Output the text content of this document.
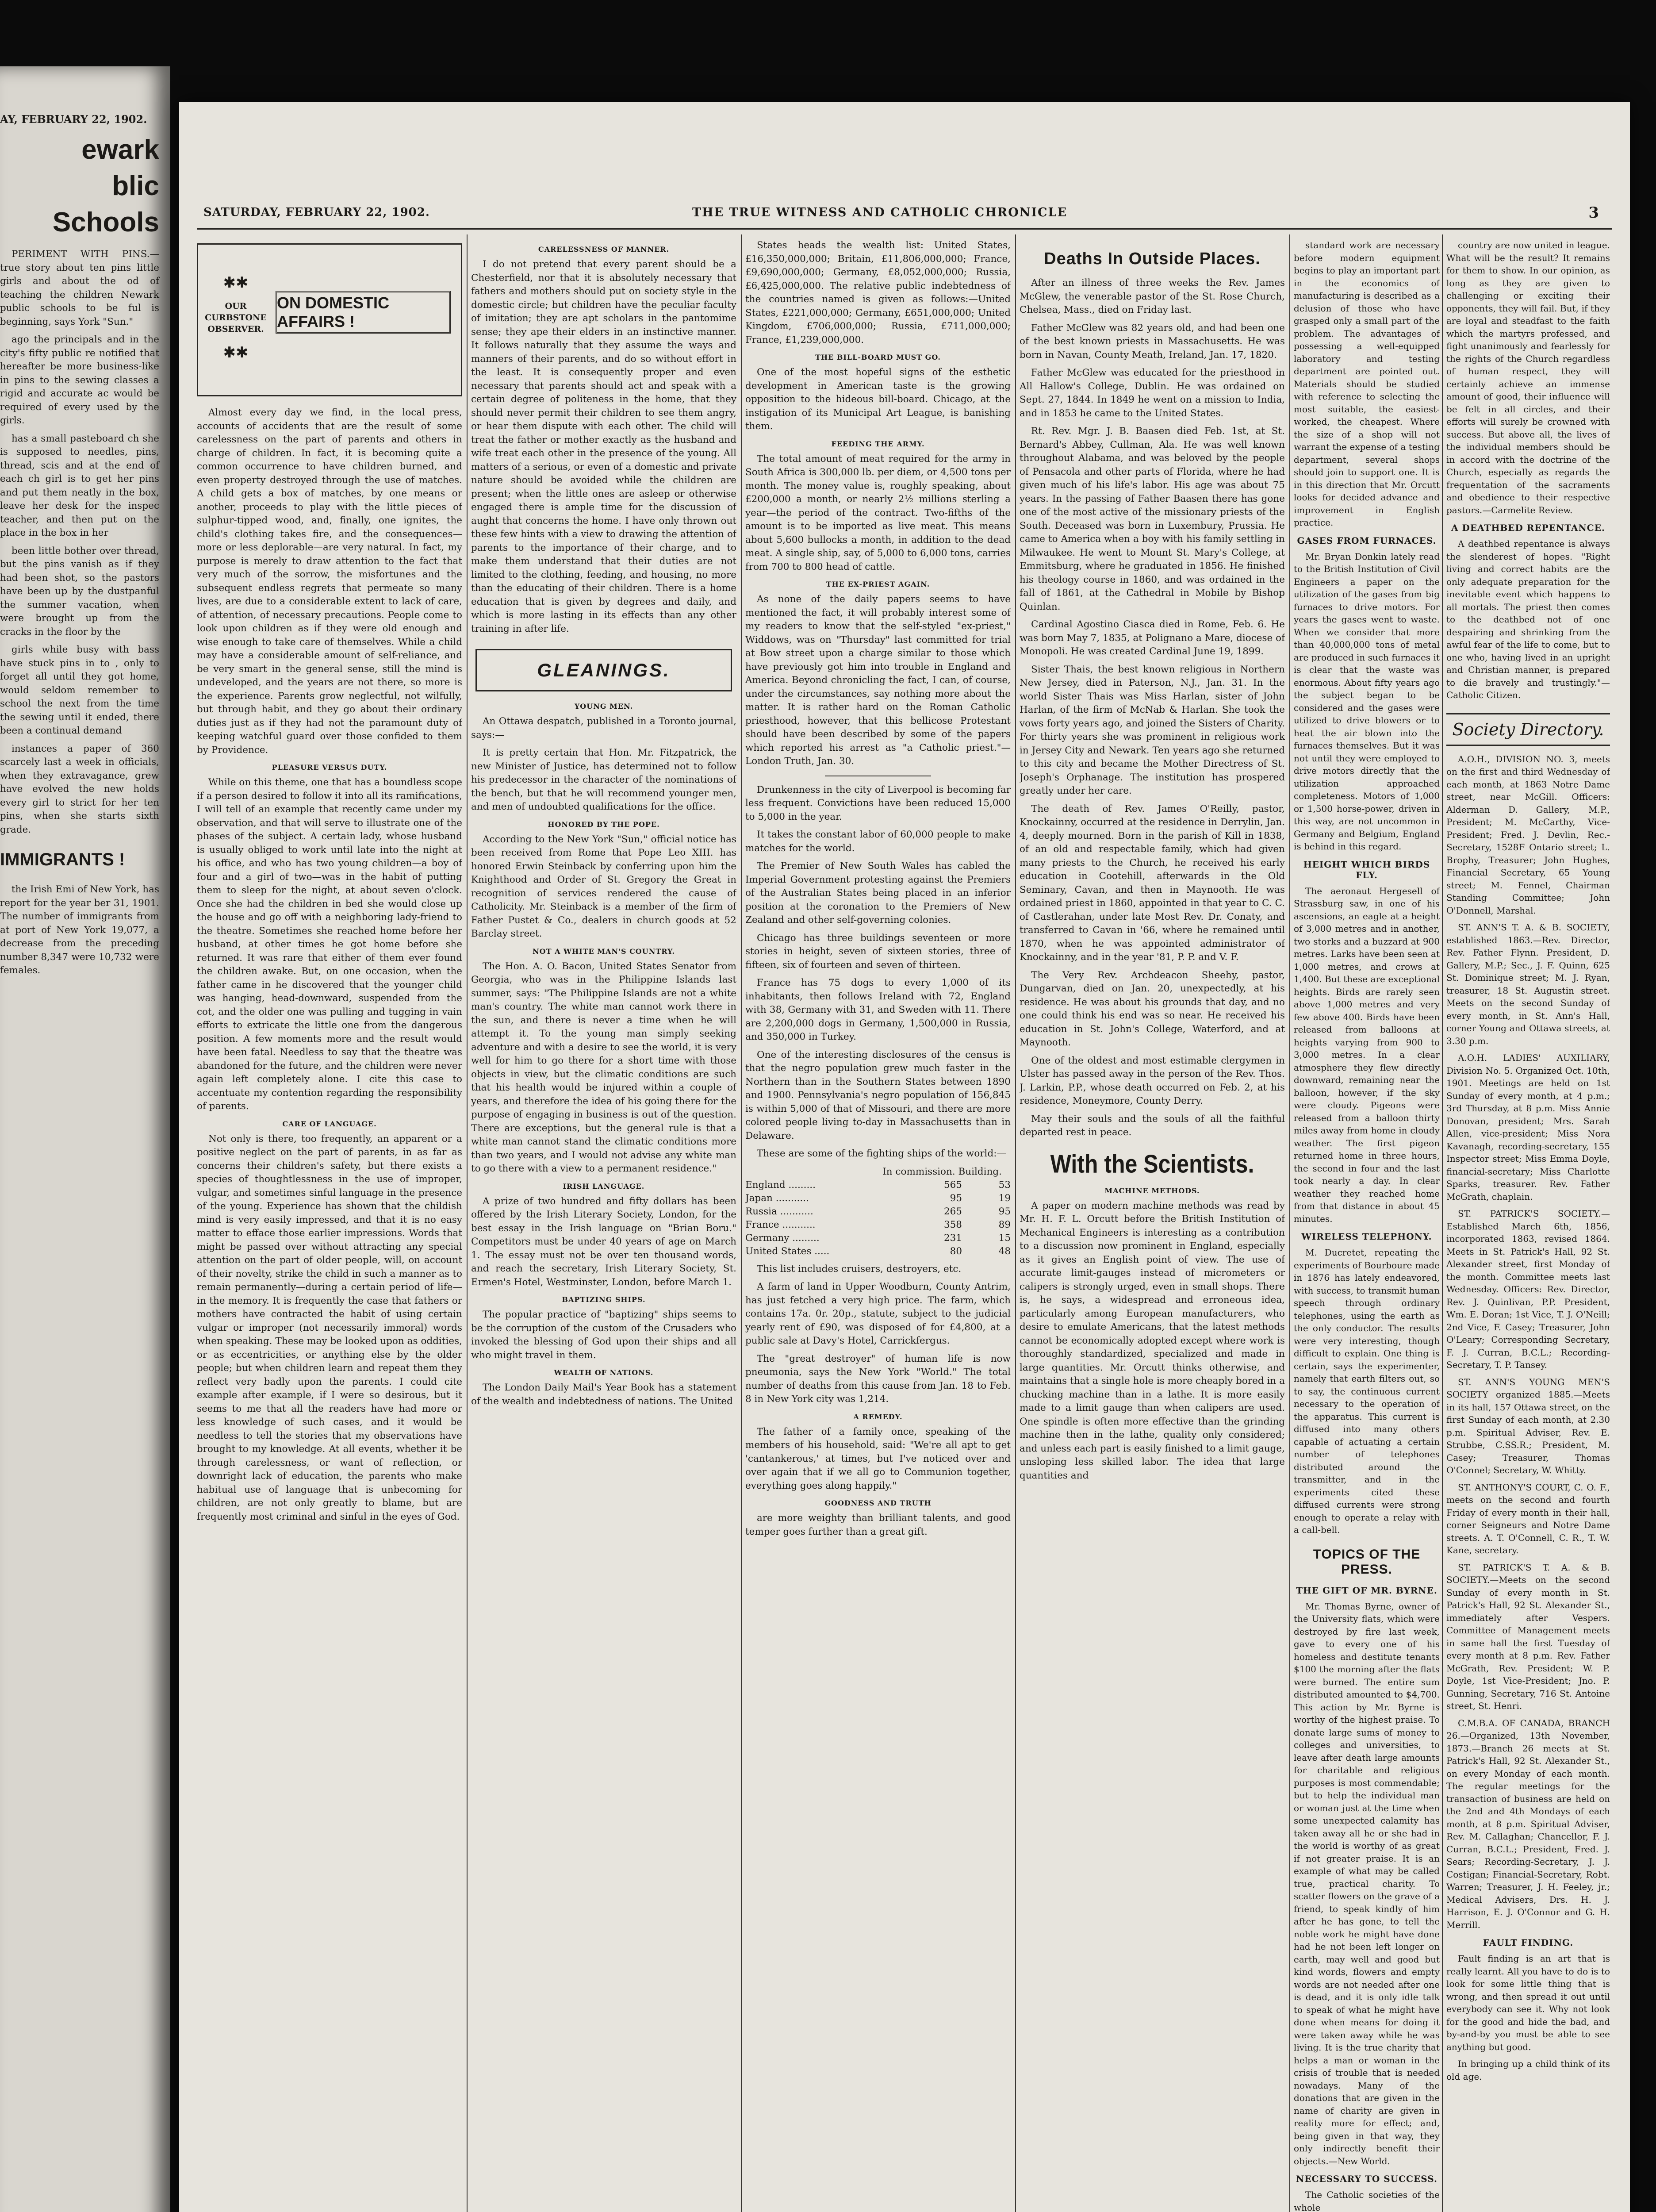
AY, FEBRUARY 22, 1902.
ewark
blic Schools

PERIMENT WITH PINS.— true story about ten pins little girls and about the od of teaching the children Newark public schools to be ful is beginning, says York "Sun."

ago the principals and in the city's fifty public re notified that hereafter be more business-like in pins to the sewing classes a rigid and accurate ac would be required of every used by the girls.

has a small pasteboard ch she is supposed to needles, pins, thread, scis and at the end of each ch girl is to get her pins and put them neatly in the box, leave her desk for the inspec teacher, and then put on the place in the box in her

been little bother over thread, but the pins vanish as if they had been shot, so the pastors have been up by the dustpanful the summer vacation, when were brought up from the cracks in the floor by the

girls while busy with bass have stuck pins in to , only to forget all until they got home, would seldom remember to school the next from the time the sewing until it ended, there been a continual demand

instances a paper of 360 scarcely last a week in officials, when they extravagance, grew have evolved the new holds every girl to strict for her ten pins, when she starts sixth grade.

IMMIGRANTS !

the Irish Emi of New York, has report for the year ber 31, 1901. The number of immigrants from at port of New York 19,077, a decrease from the preceding number 8,347 were 10,732 were females.

SATURDAY, FEBRUARY 22, 1902.	THE TRUE WITNESS AND CATHOLIC CHRONICLE	3
✱✱
OUR CURBSTONE OBSERVER.
✱✱
ON DOMESTIC AFFAIRS !

Almost every day we find, in the local press, accounts of accidents that are the result of some carelessness on the part of parents and others in charge of children. In fact, it is becoming quite a common occurrence to have children burned, and even property destroyed through the use of matches. A child gets a box of matches, by one means or another, proceeds to play with the little pieces of sulphur-tipped wood, and, finally, one ignites, the child's clothing takes fire, and the consequences—more or less deplorable—are very natural. In fact, my purpose is merely to draw attention to the fact that very much of the sorrow, the misfortunes and the subsequent endless regrets that permeate so many lives, are due to a considerable extent to lack of care, of attention, of necessary precautions. People come to look upon children as if they were old enough and wise enough to take care of themselves. While a child may have a considerable amount of self-reliance, and be very smart in the general sense, still the mind is undeveloped, and the years are not there, so more is the experience. Parents grow neglectful, not wilfully, but through habit, and they go about their ordinary duties just as if they had not the paramount duty of keeping watchful guard over those confided to them by Providence.

PLEASURE VERSUS DUTY.

While on this theme, one that has a boundless scope if a person desired to follow it into all its ramifications, I will tell of an example that recently came under my observation, and that will serve to illustrate one of the phases of the subject. A certain lady, whose husband is usually obliged to work until late into the night at his office, and who has two young children—a boy of four and a girl of two—was in the habit of putting them to sleep for the night, at about seven o'clock. Once she had the children in bed she would close up the house and go off with a neighboring lady-friend to the theatre. Sometimes she reached home before her husband, at other times he got home before she returned. It was rare that either of them ever found the children awake. But, on one occasion, when the father came in he discovered that the younger child was hanging, head-downward, suspended from the cot, and the older one was pulling and tugging in vain efforts to extricate the little one from the dangerous position. A few moments more and the result would have been fatal. Needless to say that the theatre was abandoned for the future, and the children were never again left completely alone. I cite this case to accentuate my contention regarding the responsibility of parents.

CARE OF LANGUAGE.

Not only is there, too frequently, an apparent or a positive neglect on the part of parents, in as far as concerns their children's safety, but there exists a species of thoughtlessness in the use of improper, vulgar, and sometimes sinful language in the presence of the young. Experience has shown that the childish mind is very easily impressed, and that it is no easy matter to efface those earlier impressions. Words that might be passed over without attracting any special attention on the part of older people, will, on account of their novelty, strike the child in such a manner as to remain permanently—during a certain period of life—in the memory. It is frequently the case that fathers or mothers have contracted the habit of using certain vulgar or improper (not necessarily immoral) words when speaking. These may be looked upon as oddities, or as eccentricities, or anything else by the older people; but when children learn and repeat them they reflect very badly upon the parents. I could cite example after example, if I were so desirous, but it seems to me that all the readers have had more or less knowledge of such cases, and it would be needless to tell the stories that my observations have brought to my knowledge. At all events, whether it be through carelessness, or want of reflection, or downright lack of education, the parents who make habitual use of language that is unbecoming for children, are not only greatly to blame, but are frequently most criminal and sinful in the eyes of God.

CARELESSNESS OF MANNER.

I do not pretend that every parent should be a Chesterfield, nor that it is absolutely necessary that fathers and mothers should put on society style in the domestic circle; but children have the peculiar faculty of imitation; they are apt scholars in the pantomime sense; they ape their elders in an instinctive manner. It follows naturally that they assume the ways and manners of their parents, and do so without effort in the least. It is consequently proper and even necessary that parents should act and speak with a certain degree of politeness in the home, that they should never permit their children to see them angry, or hear them dispute with each other. The child will treat the father or mother exactly as the husband and wife treat each other in the presence of the young. All matters of a serious, or even of a domestic and private nature should be avoided while the children are present; when the little ones are asleep or otherwise engaged there is ample time for the discussion of aught that concerns the home. I have only thrown out these few hints with a view to drawing the attention of parents to the importance of their charge, and to make them understand that their duties are not limited to the clothing, feeding, and housing, no more than the educating of their children. There is a home education that is given by degrees and daily, and which is more lasting in its effects than any other training in after life.

GLEANINGS.
YOUNG MEN.

An Ottawa despatch, published in a Toronto journal, says:—

It is pretty certain that Hon. Mr. Fitzpatrick, the new Minister of Justice, has determined not to follow his predecessor in the character of the nominations of the bench, but that he will recommend younger men, and men of undoubted qualifications for the office.

HONORED BY THE POPE.

According to the New York "Sun," official notice has been received from Rome that Pope Leo XIII. has honored Erwin Steinback by conferring upon him the Knighthood and Order of St. Gregory the Great in recognition of services rendered the cause of Catholicity. Mr. Steinback is a member of the firm of Father Pustet & Co., dealers in church goods at 52 Barclay street.

NOT A WHITE MAN'S COUNTRY.

The Hon. A. O. Bacon, United States Senator from Georgia, who was in the Philippine Islands last summer, says: "The Philippine Islands are not a white man's country. The white man cannot work there in the sun, and there is never a time when he will attempt it. To the young man simply seeking adventure and with a desire to see the world, it is very well for him to go there for a short time with those objects in view, but the climatic conditions are such that his health would be injured within a couple of years, and therefore the idea of his going there for the purpose of engaging in business is out of the question. There are exceptions, but the general rule is that a white man cannot stand the climatic conditions more than two years, and I would not advise any white man to go there with a view to a permanent residence."

IRISH LANGUAGE.

A prize of two hundred and fifty dollars has been offered by the Irish Literary Society, London, for the best essay in the Irish language on "Brian Boru." Competitors must be under 40 years of age on March 1. The essay must not be over ten thousand words, and reach the secretary, Irish Literary Society, St. Ermen's Hotel, Westminster, London, before March 1.

BAPTIZING SHIPS.

The popular practice of "baptizing" ships seems to be the corruption of the custom of the Crusaders who invoked the blessing of God upon their ships and all who might travel in them.

WEALTH OF NATIONS.

The London Daily Mail's Year Book has a statement of the wealth and indebtedness of nations. The United

States heads the wealth list: United States, £16,350,000,000; Britain, £11,806,000,000; France, £9,690,000,000; Germany, £8,052,000,000; Russia, £6,425,000,000. The relative public indebtedness of the countries named is given as follows:—United States, £221,000,000; Germany, £651,000,000; United Kingdom, £706,000,000; Russia, £711,000,000; France, £1,239,000,000.

THE BILL-BOARD MUST GO.

One of the most hopeful signs of the esthetic development in American taste is the growing opposition to the hideous bill-board. Chicago, at the instigation of its Municipal Art League, is banishing them.

FEEDING THE ARMY.

The total amount of meat required for the army in South Africa is 300,000 lb. per diem, or 4,500 tons per month. The money value is, roughly speaking, about £200,000 a month, or nearly 2½ millions sterling a year—the period of the contract. Two-fifths of the amount is to be imported as live meat. This means about 5,600 bullocks a month, in addition to the dead meat. A single ship, say, of 5,000 to 6,000 tons, carries from 700 to 800 head of cattle.

THE EX-PRIEST AGAIN.

As none of the daily papers seems to have mentioned the fact, it will probably interest some of my readers to know that the self-styled "ex-priest," Widdows, was on "Thursday" last committed for trial at Bow street upon a charge similar to those which have previously got him into trouble in England and America. Beyond chronicling the fact, I can, of course, under the circumstances, say nothing more about the matter. It is rather hard on the Roman Catholic priesthood, however, that this bellicose Protestant should have been described by some of the papers which reported his arrest as "a Catholic priest."—London Truth, Jan. 30.

Drunkenness in the city of Liverpool is becoming far less frequent. Convictions have been reduced 15,000 to 5,000 in the year.

It takes the constant labor of 60,000 people to make matches for the world.

The Premier of New South Wales has cabled the Imperial Government protesting against the Premiers of the Australian States being placed in an inferior position at the coronation to the Premiers of New Zealand and other self-governing colonies.

Chicago has three buildings seventeen or more stories in height, seven of sixteen stories, three of fifteen, six of fourteen and seven of thirteen.

France has 75 dogs to every 1,000 of its inhabitants, then follows Ireland with 72, England with 38, Germany with 31, and Sweden with 11. There are 2,200,000 dogs in Germany, 1,500,000 in Russia, and 350,000 in Turkey.

One of the interesting disclosures of the census is that the negro population grew much faster in the Northern than in the Southern States between 1890 and 1900. Pennsylvania's negro population of 156,845 is within 5,000 of that of Missouri, and there are more colored people living to-day in Massachusetts than in Delaware.

These are some of the fighting ships of the world:—

In commission. Building.
England .........	565	53
Japan ...........	95	19
Russia ...........	265	95
France ...........	358	89
Germany .........	231	15
United States .....	80	48

This list includes cruisers, destroyers, etc.

A farm of land in Upper Woodburn, County Antrim, has just fetched a very high price. The farm, which contains 17a. 0r. 20p., statute, subject to the judicial yearly rent of £90, was disposed of for £4,800, at a public sale at Davy's Hotel, Carrickfergus.

The "great destroyer" of human life is now pneumonia, says the New York "World." The total number of deaths from this cause from Jan. 18 to Feb. 8 in New York city was 1,214.

A REMEDY.

The father of a family once, speaking of the members of his household, said: "We're all apt to get 'cantankerous,' at times, but I've noticed over and over again that if we all go to Communion together, everything goes along happily."

GOODNESS AND TRUTH

are more weighty than brilliant talents, and good temper goes further than a great gift.

Deaths In Outside Places.

After an illness of three weeks the Rev. James McGlew, the venerable pastor of the St. Rose Church, Chelsea, Mass., died on Friday last.

Father McGlew was 82 years old, and had been one of the best known priests in Massachusetts. He was born in Navan, County Meath, Ireland, Jan. 17, 1820.

Father McGlew was educated for the priesthood in All Hallow's College, Dublin. He was ordained on Sept. 27, 1844. In 1849 he went on a mission to India, and in 1853 he came to the United States.

Rt. Rev. Mgr. J. B. Baasen died Feb. 1st, at St. Bernard's Abbey, Cullman, Ala. He was well known throughout Alabama, and was beloved by the people of Pensacola and other parts of Florida, where he had given much of his life's labor. His age was about 75 years. In the passing of Father Baasen there has gone one of the most active of the missionary priests of the South. Deceased was born in Luxembury, Prussia. He came to America when a boy with his family settling in Milwaukee. He went to Mount St. Mary's College, at Emmitsburg, where he graduated in 1856. He finished his theology course in 1860, and was ordained in the fall of 1861, at the Cathedral in Mobile by Bishop Quinlan.

Cardinal Agostino Ciasca died in Rome, Feb. 6. He was born May 7, 1835, at Polignano a Mare, diocese of Monopoli. He was created Cardinal June 19, 1899.

Sister Thais, the best known religious in Northern New Jersey, died in Paterson, N.J., Jan. 31. In the world Sister Thais was Miss Harlan, sister of John Harlan, of the firm of McNab & Harlan. She took the vows forty years ago, and joined the Sisters of Charity. For thirty years she was prominent in religious work in Jersey City and Newark. Ten years ago she returned to this city and became the Mother Directress of St. Joseph's Orphanage. The institution has prospered greatly under her care.

The death of Rev. James O'Reilly, pastor, Knockainny, occurred at the residence in Derrylin, Jan. 4, deeply mourned. Born in the parish of Kill in 1838, of an old and respectable family, which had given many priests to the Church, he received his early education in Cootehill, afterwards in the Old Seminary, Cavan, and then in Maynooth. He was ordained priest in 1860, appointed in that year to C. C. of Castlerahan, under late Most Rev. Dr. Conaty, and transferred to Cavan in '66, where he remained until 1870, when he was appointed administrator of Knockainny, and in the year '81, P. P. and V. F.

The Very Rev. Archdeacon Sheehy, pastor, Dungarvan, died on Jan. 20, unexpectedly, at his residence. He was about his grounds that day, and no one could think his end was so near. He received his education in St. John's College, Waterford, and at Maynooth.

One of the oldest and most estimable clergymen in Ulster has passed away in the person of the Rev. Thos. J. Larkin, P.P., whose death occurred on Feb. 2, at his residence, Moneymore, County Derry.

May their souls and the souls of all the faithful departed rest in peace.

With the Scientists.
MACHINE METHODS.

A paper on modern machine methods was read by Mr. H. F. L. Orcutt before the British Institution of Mechanical Engineers is interesting as a contribution to a discussion now prominent in England, especially as it gives an English point of view. The use of accurate limit-gauges instead of micrometers or calipers is strongly urged, even in small shops. There is, he says, a widespread and erroneous idea, particularly among European manufacturers, who desire to emulate Americans, that the latest methods cannot be economically adopted except where work is thoroughly standardized, specialized and made in large quantities. Mr. Orcutt thinks otherwise, and maintains that a single hole is more cheaply bored in a chucking machine than in a lathe. It is more easily made to a limit gauge than when calipers are used. One spindle is often more effective than the grinding machine then in the lathe, quality only considered; and unless each part is easily finished to a limit gauge, unsloping less skilled labor. The idea that large quantities and

standard work are necessary before modern equipment begins to play an important part in the economics of manufacturing is described as a delusion of those who have grasped only a small part of the problem. The advantages of possessing a well-equipped laboratory and testing department are pointed out. Materials should be studied with reference to selecting the most suitable, the easiest-worked, the cheapest. Where the size of a shop will not warrant the expense of a testing department, several shops should join to support one. It is in this direction that Mr. Orcutt looks for decided advance and improvement in English practice.

GASES FROM FURNACES.

Mr. Bryan Donkin lately read to the British Institution of Civil Engineers a paper on the utilization of the gases from big furnaces to drive motors. For years the gases went to waste. When we consider that more than 40,000,000 tons of metal are produced in such furnaces it is clear that the waste was enormous. About fifty years ago the subject began to be considered and the gases were utilized to drive blowers or to heat the air blown into the furnaces themselves. But it was not until they were employed to drive motors directly that the utilization approached completeness. Motors of 1,000 or 1,500 horse-power, driven in this way, are not uncommon in Germany and Belgium, England is behind in this regard.

HEIGHT WHICH BIRDS FLY.

The aeronaut Hergesell of Strassburg saw, in one of his ascensions, an eagle at a height of 3,000 metres and in another, two storks and a buzzard at 900 metres. Larks have been seen at 1,000 metres, and crows at 1,400. But these are exceptional heights. Birds are rarely seen above 1,000 metres and very few above 400. Birds have been released from balloons at heights varying from 900 to 3,000 metres. In a clear atmosphere they flew directly downward, remaining near the balloon, however, if the sky were cloudy. Pigeons were released from a balloon thirty miles away from home in cloudy weather. The first pigeon returned home in three hours, the second in four and the last took nearly a day. In clear weather they reached home from that distance in about 45 minutes.

WIRELESS TELEPHONY.

M. Ducretet, repeating the experiments of Bourboure made in 1876 has lately endeavored, with success, to transmit human speech through ordinary telephones, using the earth as the only conductor. The results were very interesting, though difficult to explain. One thing is certain, says the experimenter, namely that earth filters out, so to say, the continuous current necessary to the operation of the apparatus. This current is diffused into many others capable of actuating a certain number of telephones distributed around the transmitter, and in the experiments cited these diffused currents were strong enough to operate a relay with a call-bell.

TOPICS OF THE PRESS.
THE GIFT OF MR. BYRNE.

Mr. Thomas Byrne, owner of the University flats, which were destroyed by fire last week, gave to every one of his homeless and destitute tenants $100 the morning after the flats were burned. The entire sum distributed amounted to $4,700. This action by Mr. Byrne is worthy of the highest praise. To donate large sums of money to colleges and universities, to leave after death large amounts for charitable and religious purposes is most commendable; but to help the individual man or woman just at the time when some unexpected calamity has taken away all he or she had in the world is worthy of as great if not greater praise. It is an example of what may be called true, practical charity. To scatter flowers on the grave of a friend, to speak kindly of him after he has gone, to tell the noble work he might have done had he not been left longer on earth, may well and good but kind words, flowers and empty words are not needed after one is dead, and it is only idle talk to speak of what he might have done when means for doing it were taken away while he was living. It is the true charity that helps a man or woman in the crisis of trouble that is needed nowadays. Many of the donations that are given in the name of charity are given in reality more for effect; and, being given in that way, they only indirectly benefit their objects.—New World.

NECESSARY TO SUCCESS.

The Catholic societies of the whole

country are now united in league. What will be the result? It remains for them to show. In our opinion, as long as they are given to challenging or exciting their opponents, they will fail. But, if they are loyal and steadfast to the faith which the martyrs professed, and fight unanimously and fearlessly for the rights of the Church regardless of human respect, they will certainly achieve an immense amount of good, their influence will be felt in all circles, and their efforts will surely be crowned with success. But above all, the lives of the individual members should be in accord with the doctrine of the Church, especially as regards the frequentation of the sacraments and obedience to their respective pastors.—Carmelite Review.

A DEATHBED REPENTANCE.

A deathbed repentance is always the slenderest of hopes. "Right living and correct habits are the only adequate preparation for the inevitable event which happens to all mortals. The priest then comes to the deathbed not of one despairing and shrinking from the awful fear of the life to come, but to one who, having lived in an upright and Christian manner, is prepared to die bravely and trustingly."—Catholic Citizen.

Society Directory.

A.O.H., DIVISION NO. 3, meets on the first and third Wednesday of each month, at 1863 Notre Dame street, near McGill. Officers: Alderman D. Gallery, M.P., President; M. McCarthy, Vice-President; Fred. J. Devlin, Rec.-Secretary, 1528F Ontario street; L. Brophy, Treasurer; John Hughes, Financial Secretary, 65 Young street; M. Fennel, Chairman Standing Committee; John O'Donnell, Marshal.

ST. ANN'S T. A. & B. SOCIETY, established 1863.—Rev. Director, Rev. Father Flynn. President, D. Gallery, M.P.; Sec., J. F. Quinn, 625 St. Dominique street; M. J. Ryan, treasurer, 18 St. Augustin street. Meets on the second Sunday of every month, in St. Ann's Hall, corner Young and Ottawa streets, at 3.30 p.m.

A.O.H. LADIES' AUXILIARY, Division No. 5. Organized Oct. 10th, 1901. Meetings are held on 1st Sunday of every month, at 4 p.m.; 3rd Thursday, at 8 p.m. Miss Annie Donovan, president; Mrs. Sarah Allen, vice-president; Miss Nora Kavanagh, recording-secretary, 155 Inspector street; Miss Emma Doyle, financial-secretary; Miss Charlotte Sparks, treasurer. Rev. Father McGrath, chaplain.

ST. PATRICK'S SOCIETY.—Established March 6th, 1856, incorporated 1863, revised 1864. Meets in St. Patrick's Hall, 92 St. Alexander street, first Monday of the month. Committee meets last Wednesday. Officers: Rev. Director, Rev. J. Quinlivan, P.P. President, Wm. E. Doran; 1st Vice, T. J. O'Neill; 2nd Vice, F. Casey; Treasurer, John O'Leary; Corresponding Secretary, F. J. Curran, B.C.L.; Recording-Secretary, T. P. Tansey.

ST. ANN'S YOUNG MEN'S SOCIETY organized 1885.—Meets in its hall, 157 Ottawa street, on the first Sunday of each month, at 2.30 p.m. Spiritual Adviser, Rev. E. Strubbe, C.SS.R.; President, M. Casey; Treasurer, Thomas O'Connel; Secretary, W. Whitty.

ST. ANTHONY'S COURT, C. O. F., meets on the second and fourth Friday of every month in their hall, corner Seigneurs and Notre Dame streets. A. T. O'Connell, C. R., T. W. Kane, secretary.

ST. PATRICK'S T. A. & B. SOCIETY.—Meets on the second Sunday of every month in St. Patrick's Hall, 92 St. Alexander St., immediately after Vespers. Committee of Management meets in same hall the first Tuesday of every month at 8 p.m. Rev. Father McGrath, Rev. President; W. P. Doyle, 1st Vice-President; Jno. P. Gunning, Secretary, 716 St. Antoine street, St. Henri.

C.M.B.A. OF CANADA, BRANCH 26.—Organized, 13th November, 1873.—Branch 26 meets at St. Patrick's Hall, 92 St. Alexander St., on every Monday of each month. The regular meetings for the transaction of business are held on the 2nd and 4th Mondays of each month, at 8 p.m. Spiritual Adviser, Rev. M. Callaghan; Chancellor, F. J. Curran, B.C.L.; President, Fred. J. Sears; Recording-Secretary, J. J. Costigan; Financial-Secretary, Robt. Warren; Treasurer, J. H. Feeley, jr.; Medical Advisers, Drs. H. J. Harrison, E. J. O'Connor and G. H. Merrill.

FAULT FINDING.

Fault finding is an art that is really learnt. All you have to do is to look for some little thing that is wrong, and then spread it out until everybody can see it. Why not look for the good and hide the bad, and by-and-by you must be able to see anything but good.

In bringing up a child think of its old age.
